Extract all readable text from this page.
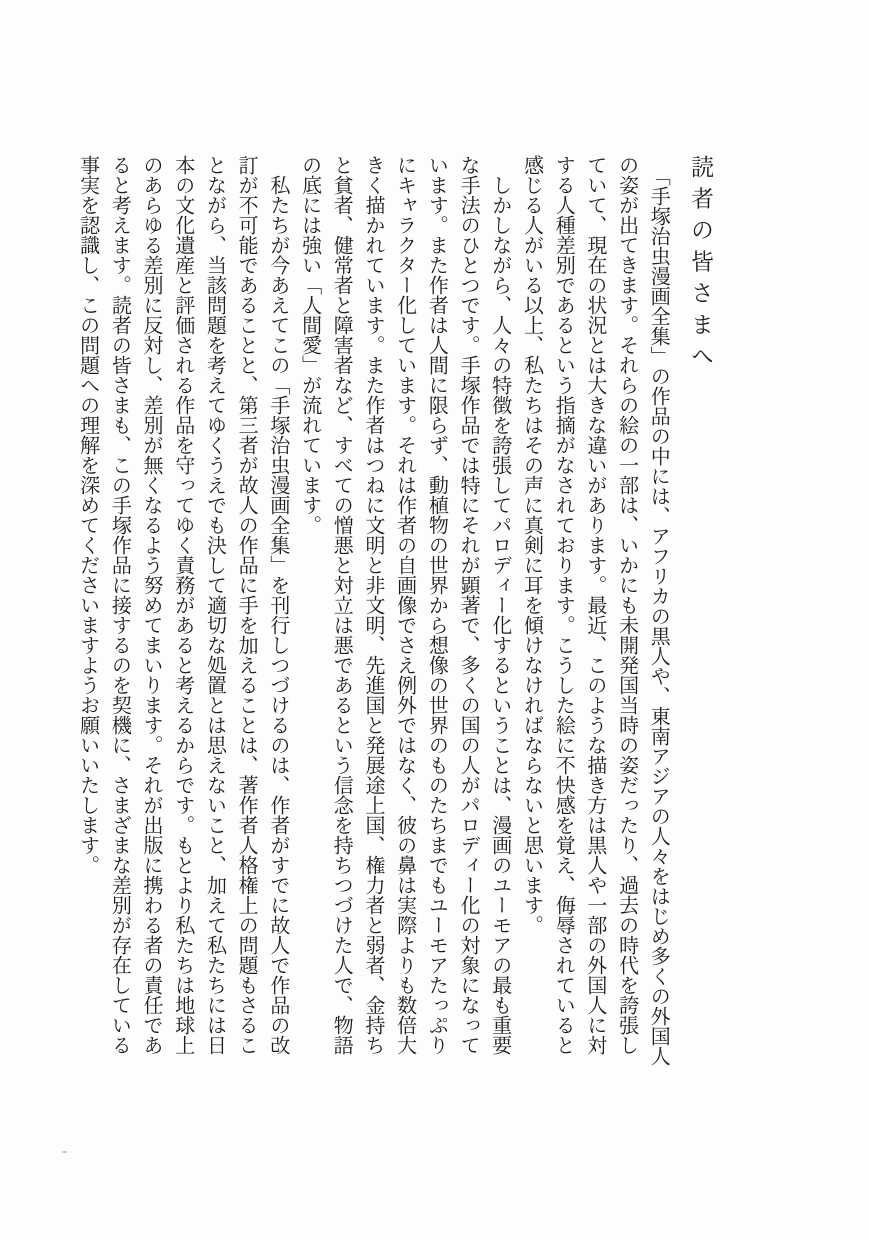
読者の皆さまへ

「手塚治虫漫画全集」の作品の中には、アフリカの黒人や、東南アジアの人々をはじめ多くの外国人の姿が出てきます。それらの絵の一部は、いかにも未開発国当時の姿だったり、過去の時代を誇張していて、現在の状況とは大きな違いがあります。最近、このような描き方は黒人や一部の外国人に対する人種差別であるという指摘がなされております。こうした絵に不快感を覚え、侮辱されていると感じる人がいる以上、私たちはその声に真剣に耳を傾けなければならないと思います。

しかしながら、人々の特徴を誇張してパロディー化するということは、漫画のユーモアの最も重要な手法のひとつです。手塚作品では特にそれが顕著で、多くの国の人がパロディー化の対象になっています。また作者は人間に限らず、動植物の世界から想像の世界のものたちまでもユーモアたっぷりにキャラクター化しています。それは作者の自画像でさえ例外ではなく、彼の鼻は実際よりも数倍大きく描かれています。また作者はつねに文明と非文明、先進国と発展途上国、権力者と弱者、金持ちと貧者、健常者と障害者など、すべての憎悪と対立は悪であるという信念を持ちつづけた人で、物語の底には強い「人間愛」が流れています。

私たちが今あえてこの「手塚治虫漫画全集」を刊行しつづけるのは、作者がすでに故人で作品の改訂が不可能であることと、第三者が故人の作品に手を加えることは、著作者人格権上の問題もさることながら、当該問題を考えてゆくうえでも決して適切な処置とは思えないこと、加えて私たちには日本の文化遺産と評価される作品を守ってゆく責務があると考えるからです。もとより私たちは地球上のあらゆる差別に反対し、差別が無くなるよう努めてまいります。それが出版に携わる者の責任であると考えます。読者の皆さまも、この手塚作品に接するのを契機に、さまざまな差別が存在している事実を認識し、この問題への理解を深めてくださいますようお願いいたします。
